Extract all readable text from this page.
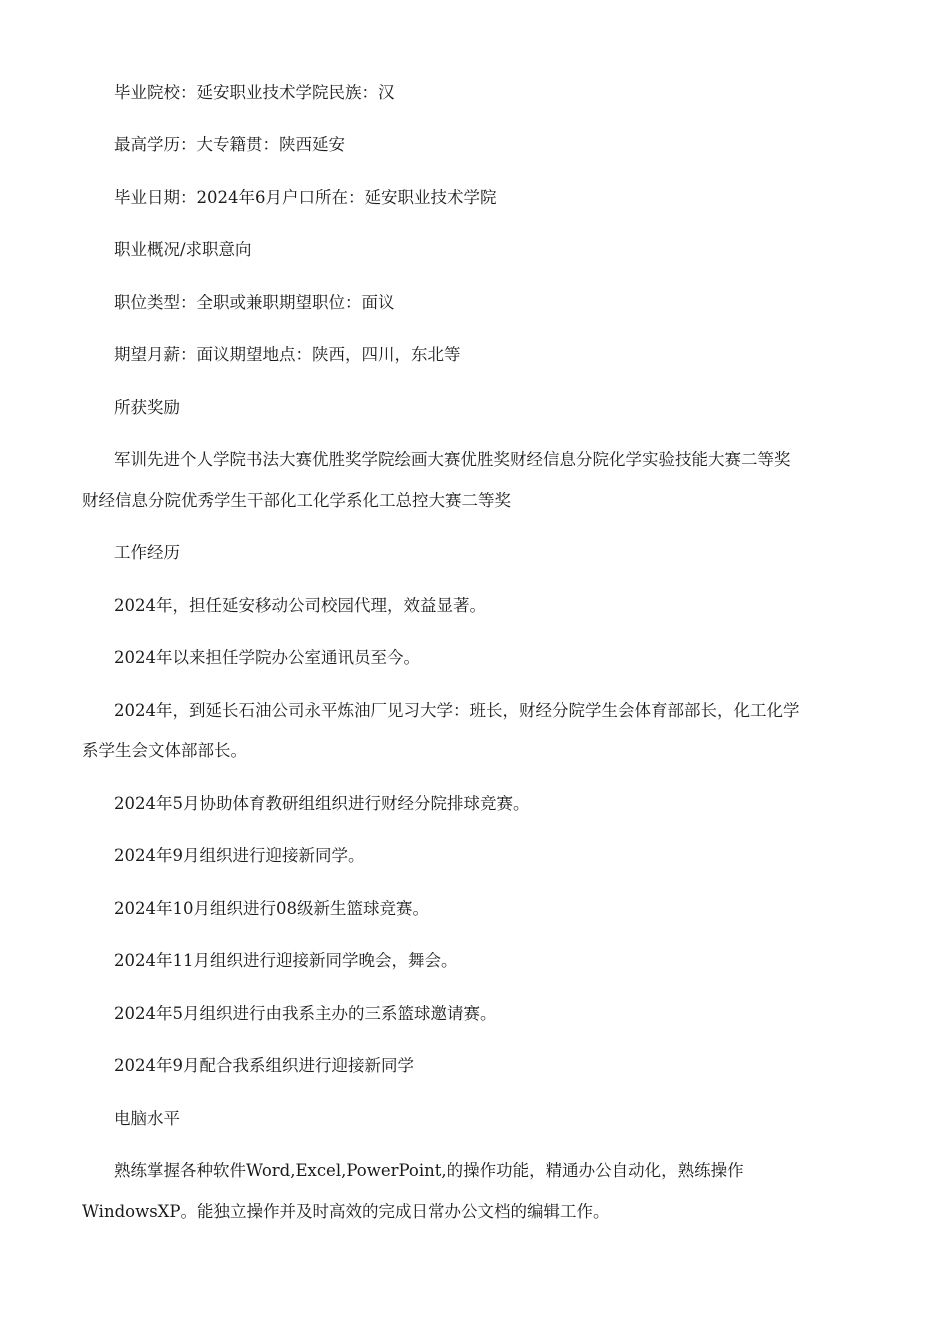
毕业院校：延安职业技术学院民族：汉
最高学历：大专籍贯：陕西延安
毕业日期：2024年6月户口所在：延安职业技术学院
职业概况/求职意向
职位类型：全职或兼职期望职位：面议
期望月薪：面议期望地点：陕西，四川，东北等
所获奖励
军训先进个人学院书法大赛优胜奖学院绘画大赛优胜奖财经信息分院化学实验技能大赛二等奖
财经信息分院优秀学生干部化工化学系化工总控大赛二等奖
工作经历
2024年，担任延安移动公司校园代理，效益显著。
2024年以来担任学院办公室通讯员至今。
2024年，到延长石油公司永平炼油厂见习大学：班长，财经分院学生会体育部部长，化工化学
系学生会文体部部长。
2024年5月协助体育教研组组织进行财经分院排球竞赛。
2024年9月组织进行迎接新同学。
2024年10月组织进行08级新生篮球竞赛。
2024年11月组织进行迎接新同学晚会，舞会。
2024年5月组织进行由我系主办的三系篮球邀请赛。
2024年9月配合我系组织进行迎接新同学
电脑水平
熟练掌握各种软件Word,Excel,PowerPoint,的操作功能，精通办公自动化，熟练操作
WindowsXP。能独立操作并及时高效的完成日常办公文档的编辑工作。
